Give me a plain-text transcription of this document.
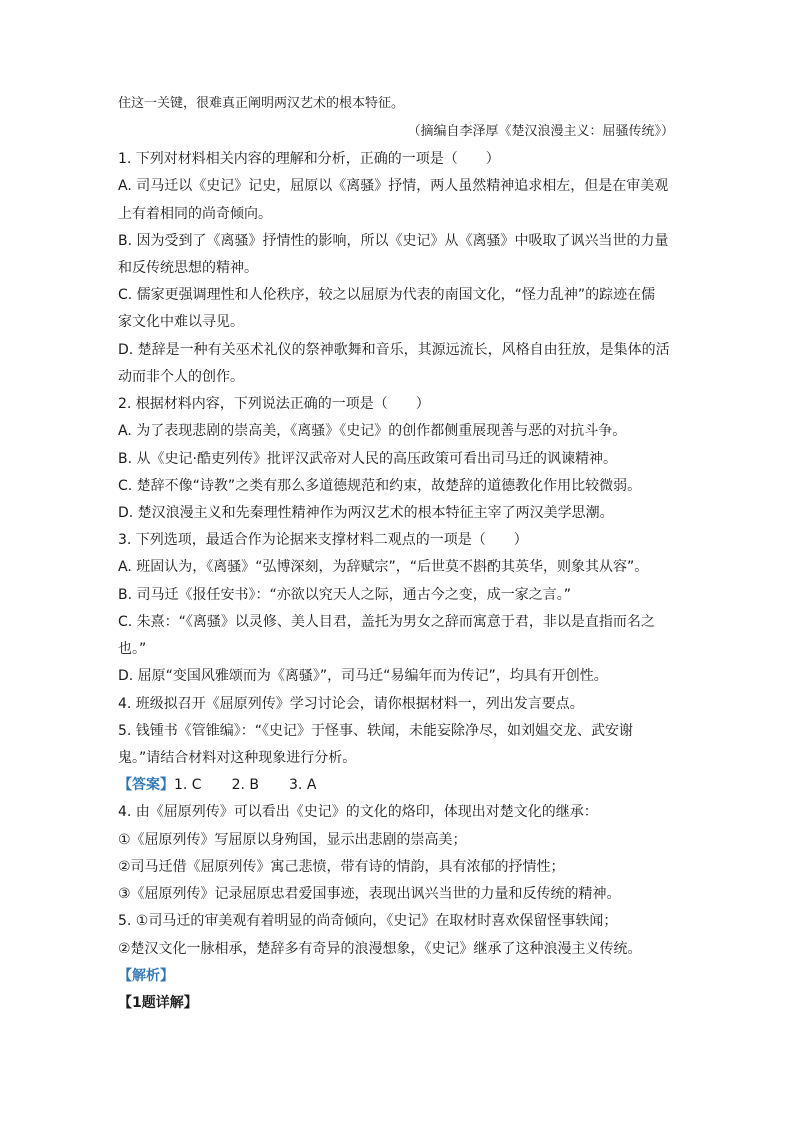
住这一关键，很难真正阐明两汉艺术的根本特征。
（摘编自李泽厚《楚汉浪漫主义：屈骚传统》）
1. 下列对材料相关内容的理解和分析，正确的一项是（　　）
A. 司马迁以《史记》记史，屈原以《离骚》抒情，两人虽然精神追求相左，但是在审美观
上有着相同的尚奇倾向。
B. 因为受到了《离骚》抒情性的影响，所以《史记》从《离骚》中吸取了讽兴当世的力量
和反传统思想的精神。
C. 儒家更强调理性和人伦秩序，较之以屈原为代表的南国文化，“怪力乱神”的踪迹在儒
家文化中难以寻见。
D. 楚辞是一种有关巫术礼仪的祭神歌舞和音乐，其源远流长，风格自由狂放，是集体的活
动而非个人的创作。
2. 根据材料内容，下列说法正确的一项是（　　）
A. 为了表现悲剧的崇高美，《离骚》《史记》的创作都侧重展现善与恶的对抗斗争。
B. 从《史记·酷吏列传》批评汉武帝对人民的高压政策可看出司马迁的讽谏精神。
C. 楚辞不像“诗教”之类有那么多道德规范和约束，故楚辞的道德教化作用比较微弱。
D. 楚汉浪漫主义和先秦理性精神作为两汉艺术的根本特征主宰了两汉美学思潮。
3. 下列选项，最适合作为论据来支撑材料二观点的一项是（　　）
A. 班固认为，《离骚》“弘博深刻，为辞赋宗”，“后世莫不斟酌其英华，则象其从容”。
B. 司马迁《报任安书》：“亦欲以究天人之际，通古今之变，成一家之言。”
C. 朱熹：“《离骚》以灵修、美人目君，盖托为男女之辞而寓意于君，非以是直指而名之
也。”
D. 屈原“变国风雅颂而为《离骚》”，司马迁“易编年而为传记”，均具有开创性。
4. 班级拟召开《屈原列传》学习讨论会，请你根据材料一，列出发言要点。
5. 钱锺书《管锥编》：“《史记》于怪事、轶闻，未能妄除净尽，如刘媪交龙、武安谢
鬼。”请结合材料对这种现象进行分析。
【答案】1. C 2. B 3. A
4. 由《屈原列传》可以看出《史记》的文化的烙印，体现出对楚文化的继承：
①《屈原列传》写屈原以身殉国，显示出悲剧的崇高美；
②司马迁借《屈原列传》寓己悲愤，带有诗的情韵，具有浓郁的抒情性；
③《屈原列传》记录屈原忠君爱国事迹，表现出讽兴当世的力量和反传统的精神。
5. ①司马迁的审美观有着明显的尚奇倾向，《史记》在取材时喜欢保留怪事轶闻；
②楚汉文化一脉相承，楚辞多有奇异的浪漫想象，《史记》继承了这种浪漫主义传统。
【解析】
【1题详解】
